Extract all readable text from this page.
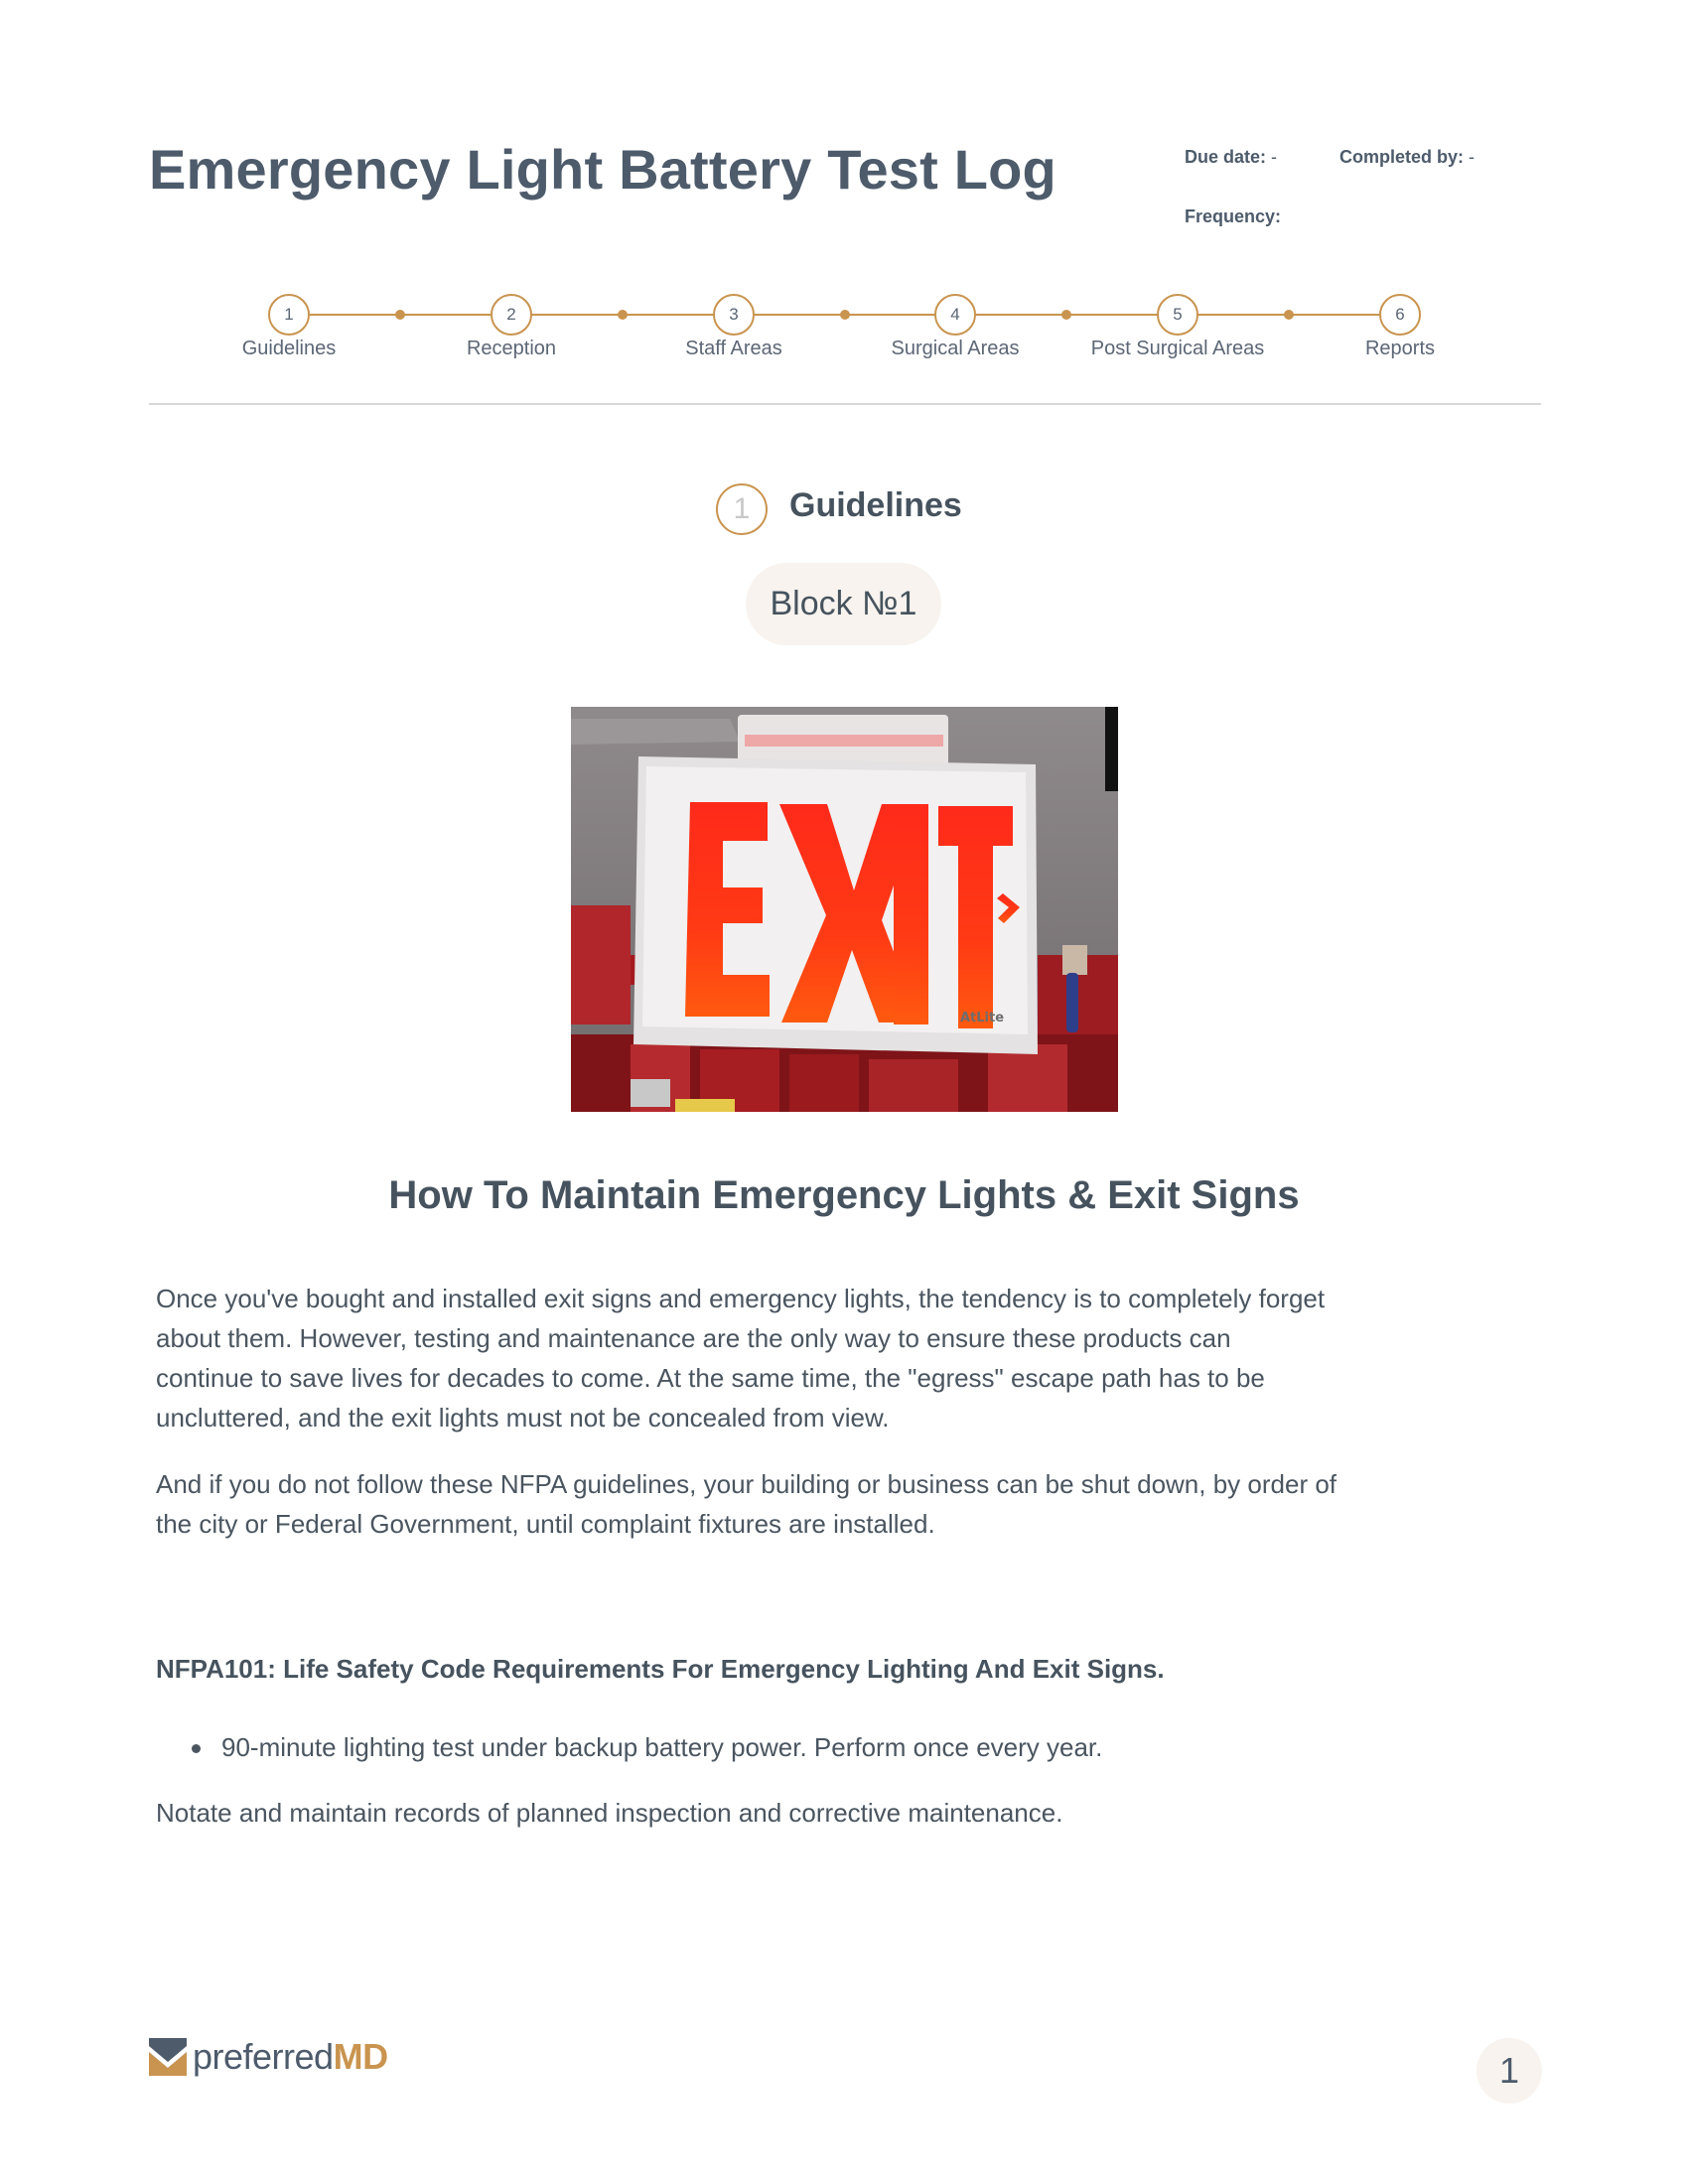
Emergency Light Battery Test Log	Due date: -	Completed by: -
Frequency:
1	2	3	4	5	6
Guidelines	Reception	Staff Areas	Surgical Areas	Post Surgical Areas	Reports
1	Guidelines
Block №1
AtLite
How To Maintain Emergency Lights & Exit Signs
Once you've bought and installed exit signs and emergency lights, the tendency is to completely forget
about them. However, testing and maintenance are the only way to ensure these products can
continue to save lives for decades to come. At the same time, the "egress" escape path has to be
uncluttered, and the exit lights must not be concealed from view.
And if you do not follow these NFPA guidelines, your building or business can be shut down, by order of
the city or Federal Government, until complaint fixtures are installed.
NFPA101: Life Safety Code Requirements For Emergency Lighting And Exit Signs.
90-minute lighting test under backup battery power. Perform once every year.
Notate and maintain records of planned inspection and corrective maintenance.
preferredMD	1
